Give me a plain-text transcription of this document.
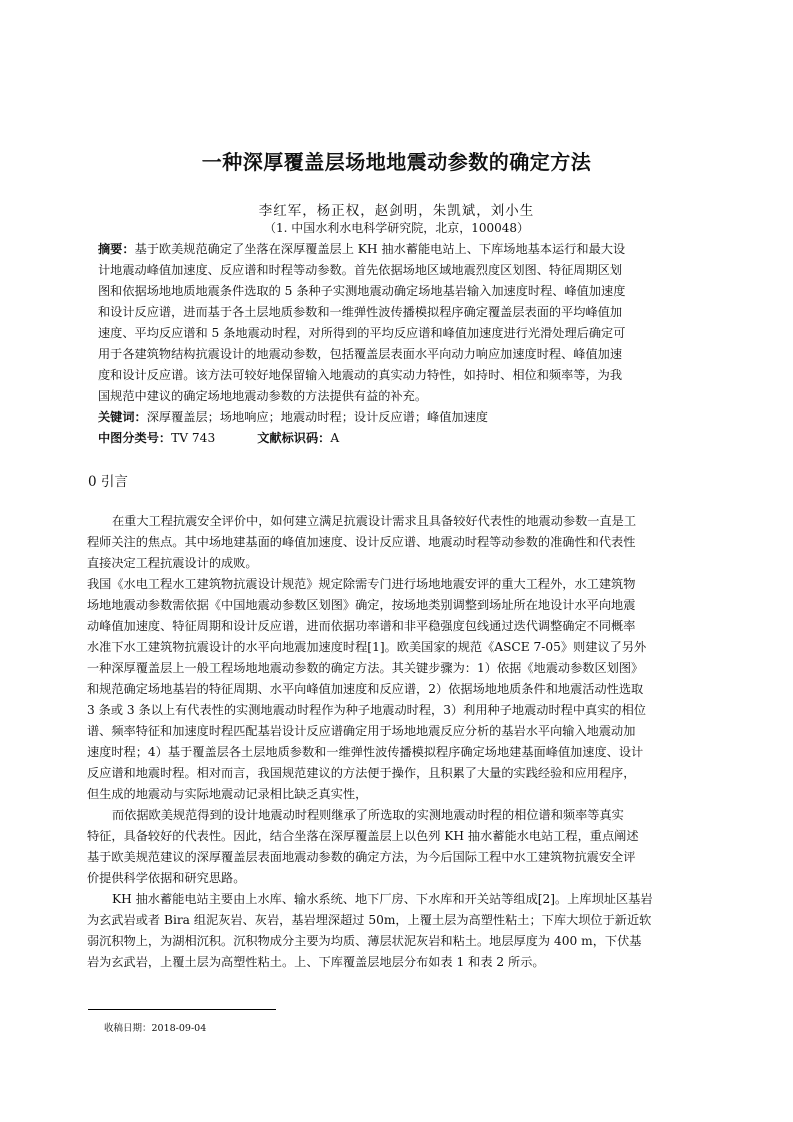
一种深厚覆盖层场地地震动参数的确定方法
李红军，杨正权，赵剑明，朱凯斌，刘小生
（1. 中国水利水电科学研究院，北京，100048）
摘要：基于欧美规范确定了坐落在深厚覆盖层上 KH 抽水蓄能电站上、下库场地基本运行和最大设
计地震动峰值加速度、反应谱和时程等动参数。首先依据场地区域地震烈度区划图、特征周期区划
图和依据场地地质地震条件选取的 5 条种子实测地震动确定场地基岩输入加速度时程、峰值加速度
和设计反应谱，进而基于各土层地质参数和一维弹性波传播模拟程序确定覆盖层表面的平均峰值加
速度、平均反应谱和 5 条地震动时程，对所得到的平均反应谱和峰值加速度进行光滑处理后确定可
用于各建筑物结构抗震设计的地震动参数，包括覆盖层表面水平向动力响应加速度时程、峰值加速
度和设计反应谱。该方法可较好地保留输入地震动的真实动力特性，如持时、相位和频率等，为我
国规范中建议的确定场地地震动参数的方法提供有益的补充。
关键词：深厚覆盖层；场地响应；地震动时程；设计反应谱；峰值加速度
中图分类号：TV 743	文献标识码：A
0 引言
在重大工程抗震安全评价中，如何建立满足抗震设计需求且具备较好代表性的地震动参数一直是工
程师关注的焦点。其中场地建基面的峰值加速度、设计反应谱、地震动时程等动参数的准确性和代表性
直接决定工程抗震设计的成败。
我国《水电工程水工建筑物抗震设计规范》规定除需专门进行场地地震安评的重大工程外，水工建筑物
场地地震动参数需依据《中国地震动参数区划图》确定，按场地类别调整到场址所在地设计水平向地震
动峰值加速度、特征周期和设计反应谱，进而依据功率谱和非平稳强度包线通过迭代调整确定不同概率
水准下水工建筑物抗震设计的水平向地震加速度时程[1]。欧美国家的规范《ASCE 7-05》则建议了另外
一种深厚覆盖层上一般工程场地地震动参数的确定方法。其关键步骤为：1）依据《地震动参数区划图》
和规范确定场地基岩的特征周期、水平向峰值加速度和反应谱，2）依据场地地质条件和地震活动性选取
3 条或 3 条以上有代表性的实测地震动时程作为种子地震动时程，3）利用种子地震动时程中真实的相位
谱、频率特征和加速度时程匹配基岩设计反应谱确定用于场地地震反应分析的基岩水平向输入地震动加
速度时程；4）基于覆盖层各土层地质参数和一维弹性波传播模拟程序确定场地建基面峰值加速度、设计
反应谱和地震时程。相对而言，我国规范建议的方法便于操作，且积累了大量的实践经验和应用程序，
但生成的地震动与实际地震动记录相比缺乏真实性，
而依据欧美规范得到的设计地震动时程则继承了所选取的实测地震动时程的相位谱和频率等真实
特征，具备较好的代表性。因此，结合坐落在深厚覆盖层上以色列 KH 抽水蓄能水电站工程，重点阐述
基于欧美规范建议的深厚覆盖层表面地震动参数的确定方法，为今后国际工程中水工建筑物抗震安全评
价提供科学依据和研究思路。
KH 抽水蓄能电站主要由上水库、输水系统、地下厂房、下水库和开关站等组成[2]。上库坝址区基岩
为玄武岩或者 Bira 组泥灰岩、灰岩，基岩埋深超过 50m，上覆土层为高塑性粘土；下库大坝位于新近软
弱沉积物上，为湖相沉积。沉积物成分主要为均质、薄层状泥灰岩和粘土。地层厚度为 400 m，下伏基
岩为玄武岩，上覆土层为高塑性粘土。上、下库覆盖层地层分布如表 1 和表 2 所示。
收稿日期：2018-09-04
